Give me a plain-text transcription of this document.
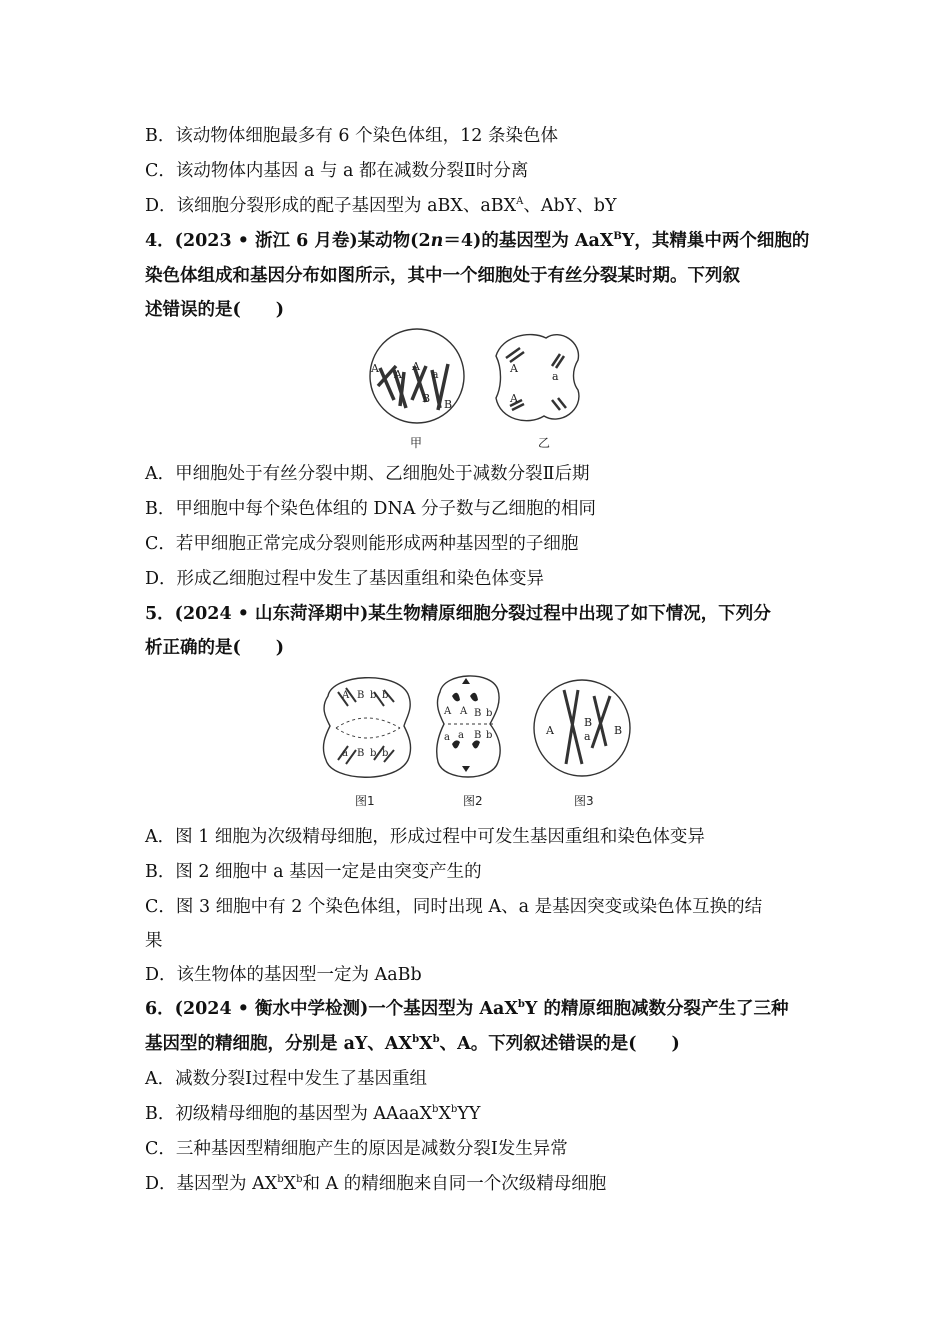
B．该动物体细胞最多有 6 个染色体组，12 条染色体
C．该动物体内基因 a 与 a 都在减数分裂Ⅱ时分离
D．该细胞分裂形成的配子基因型为 aBX、aBX$^A$、AbY、bY
4．(2023 • 浙江 6 月卷)某动物(2n＝4)的基因型为 AaX$^B$Y，其精巢中两个细胞的
染色体组成和基因分布如图所示，其中一个细胞处于有丝分裂某时期。下列叙
述错误的是(　　)
A A
A
a
B B
A
a
A
甲	乙
A．甲细胞处于有丝分裂中期、乙细胞处于减数分裂Ⅱ后期
B．甲细胞中每个染色体组的 DNA 分子数与乙细胞的相同
C．若甲细胞正常完成分裂则能形成两种基因型的子细胞
D．形成乙细胞过程中发生了基因重组和染色体变异
5．(2024 • 山东菏泽期中)某生物精原细胞分裂过程中出现了如下情况，下列分
析正确的是(　　)
A B b b
a B b b
A A B b
a a B b	A
B
a B
图1	图2	图3
A．图 1 细胞为次级精母细胞，形成过程中可发生基因重组和染色体变异
B．图 2 细胞中 a 基因一定是由突变产生的
C．图 3 细胞中有 2 个染色体组，同时出现 A、a 是基因突变或染色体互换的结
果
D．该生物体的基因型一定为 AaBb
6．(2024 • 衡水中学检测)一个基因型为 AaX$^b$Y 的精原细胞减数分裂产生了三种
基因型的精细胞，分别是 aY、$AX^bX^b$、A。下列叙述错误的是(　　)
A．减数分裂Ⅰ过程中发生了基因重组
B．初级精母细胞的基因型为 $AAaaX^bX^bYY$
C．三种基因型精细胞产生的原因是减数分裂Ⅰ发生异常
D．基因型为 $AX^bX^b$和 A 的精细胞来自同一个次级精母细胞
